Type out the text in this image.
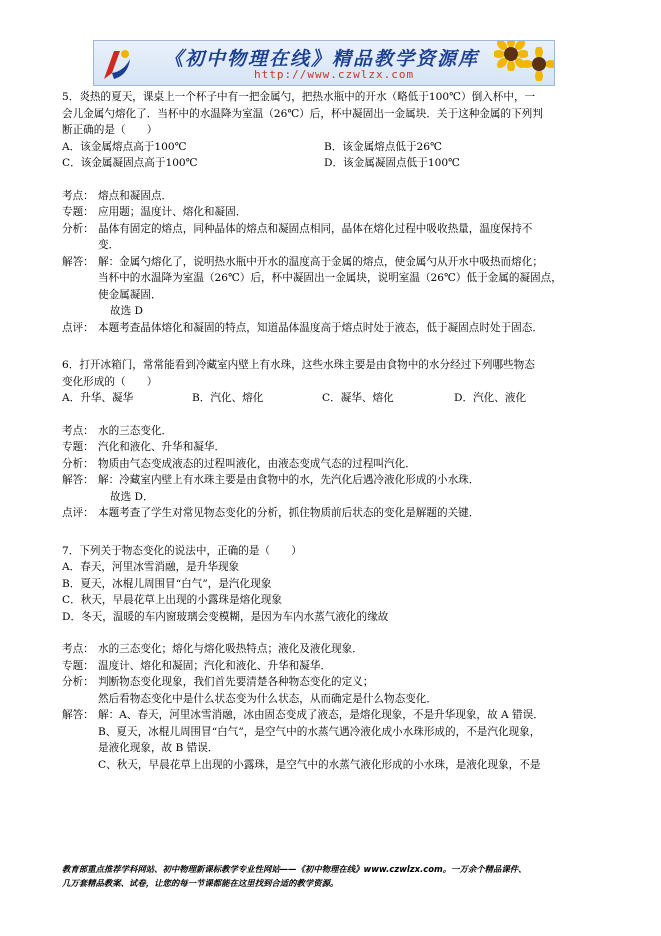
《初中物理在线》精品教学资源库
http://www.czwlzx.com

5．炎热的夏天，课桌上一个杯子中有一把金属勺，把热水瓶中的开水（略低于100℃）倒入杯中，一

会儿金属勺熔化了．当杯中的水温降为室温（26℃）后，杯中凝固出一金属块．关于这种金属的下列判

断正确的是（　　）

A．该金属熔点高于100℃	B．该金属熔点低于26℃
C．该金属凝固点高于100℃	D．该金属凝固点低于100℃
考点： 熔点和凝固点．
专题： 应用题；温度计、熔化和凝固．
分析： 晶体有固定的熔点，同种晶体的熔点和凝固点相同，晶体在熔化过程中吸收热量，温度保持不
变．
解答： 解：金属勺熔化了，说明热水瓶中开水的温度高于金属的熔点，使金属勺从开水中吸热而熔化；
当杯中的水温降为室温（26℃）后，杯中凝固出一金属块，说明室温（26℃）低于金属的凝固点，
使金属凝固．
故选 D
点评： 本题考查晶体熔化和凝固的特点，知道晶体温度高于熔点时处于液态，低于凝固点时处于固态．

6．打开冰箱门，常常能看到冷藏室内壁上有水珠，这些水珠主要是由食物中的水分经过下列哪些物态

变化形成的（　　）

A．升华、凝华	B．汽化、熔化	C．凝华、熔化	D．汽化、液化
考点： 水的三态变化．
专题： 汽化和液化、升华和凝华．
分析： 物质由气态变成液态的过程叫液化，由液态变成气态的过程叫汽化．
解答： 解：冷藏室内壁上有水珠主要是由食物中的水，先汽化后遇冷液化形成的小水珠．
故选 D．
点评： 本题考查了学生对常见物态变化的分析，抓住物质前后状态的变化是解题的关键．

7．下列关于物态变化的说法中，正确的是（　　）

A．春天，河里冰雪消融，是升华现象

B．夏天，冰棍儿周围冒“白气”，是汽化现象

C．秋天，早晨花草上出现的小露珠是熔化现象

D．冬天，温暖的车内窗玻璃会变模糊，是因为车内水蒸气液化的缘故

考点： 水的三态变化；熔化与熔化吸热特点；液化及液化现象．
专题： 温度计、熔化和凝固；汽化和液化、升华和凝华．
分析： 判断物态变化现象，我们首先要清楚各种物态变化的定义；
然后看物态变化中是什么状态变为什么状态，从而确定是什么物态变化．
解答： 解：A、春天，河里冰雪消融，冰由固态变成了液态，是熔化现象，不是升华现象，故 A 错误．
B、夏天，冰棍儿周围冒“白气”，是空气中的水蒸气遇冷液化成小水珠形成的，不是汽化现象，
是液化现象，故 B 错误．
C、秋天，早晨花草上出现的小露珠，是空气中的水蒸气液化形成的小水珠，是液化现象，不是
教育部重点推荐学科网站、初中物理新课标教学专业性网站——《初中物理在线》www.czwlzx.com。一万余个精品课件、
几万套精品教案、试卷，让您的每一节课都能在这里找到合适的教学资源。
